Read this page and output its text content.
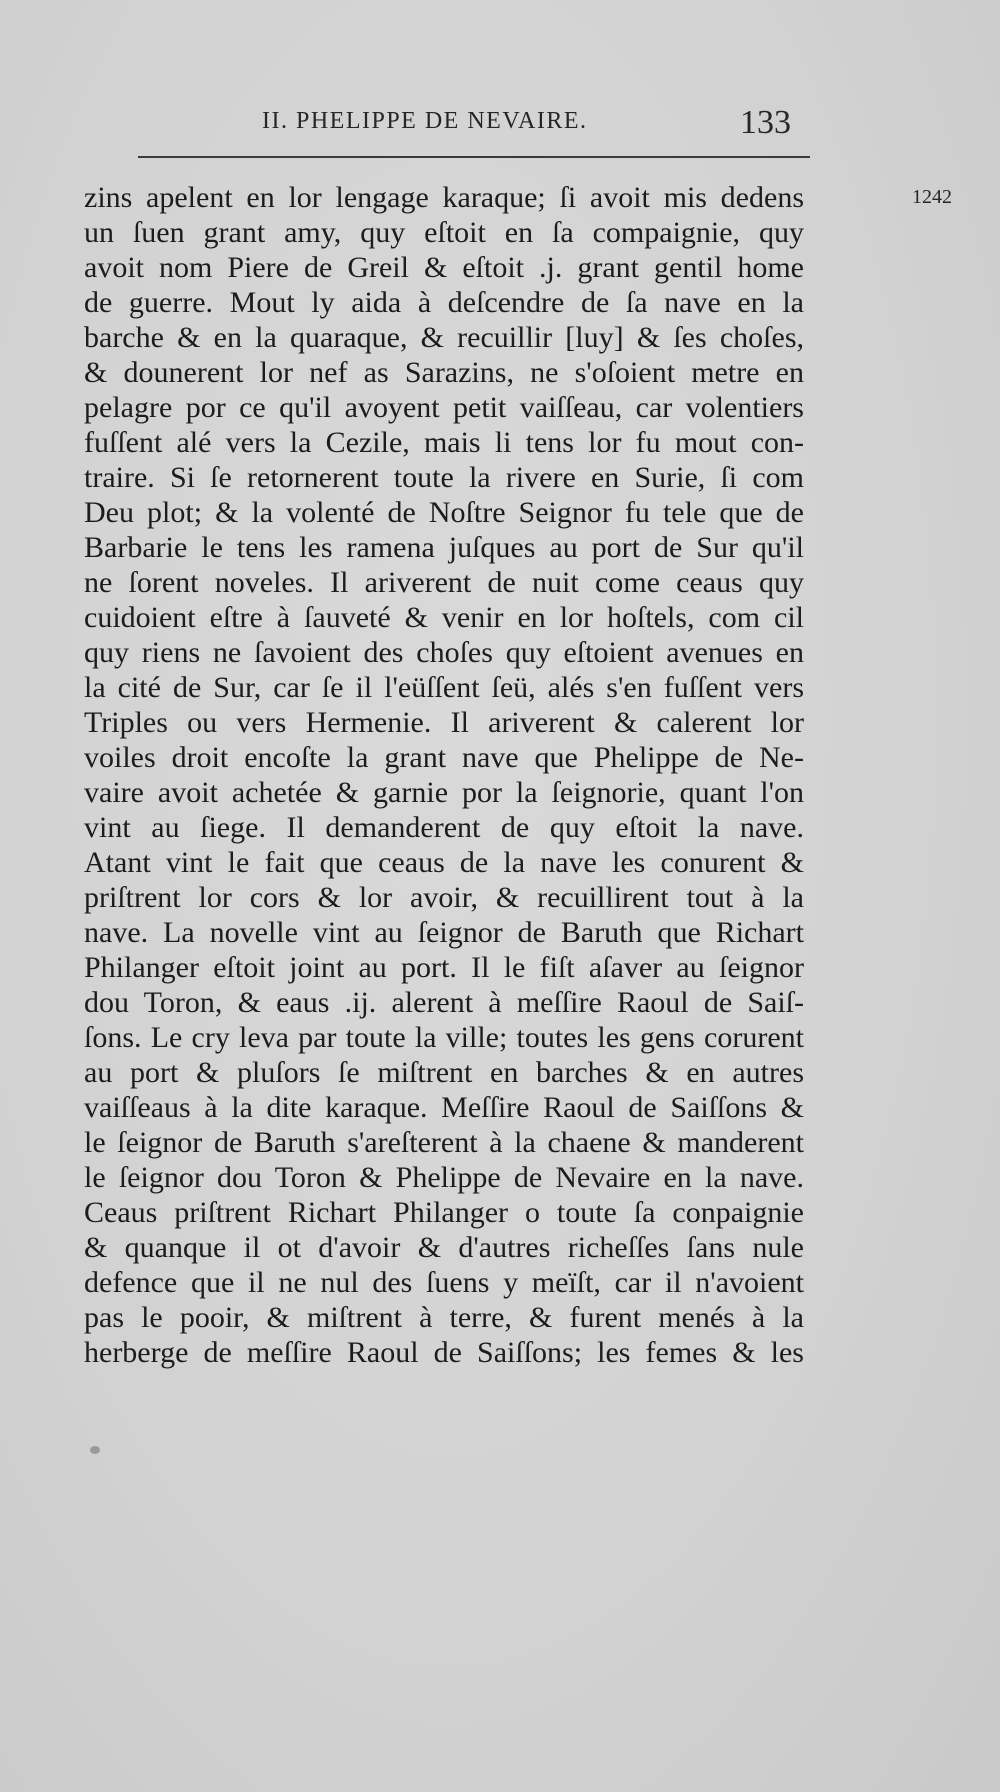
II. PHELIPPE DE NEVAIRE.	133
1242
zins apelent en lor lengage karaque; ſi avoit mis dedens
un ſuen grant amy, quy eſtoit en ſa compaignie, quy
avoit nom Piere de Greil & eſtoit .j. grant gentil home
de guerre. Mout ly aida à deſcendre de ſa nave en la
barche & en la quaraque, & recuillir [luy] & ſes choſes,
& dounerent lor nef as Sarazins, ne s'oſoient metre en
pelagre por ce qu'il avoyent petit vaiſſeau, car volentiers
fuſſent alé vers la Cezile, mais li tens lor fu mout con-
traire. Si ſe retornerent toute la rivere en Surie, ſi com
Deu plot; & la volenté de Noſtre Seignor fu tele que de
Barbarie le tens les ramena juſques au port de Sur qu'il
ne ſorent noveles. Il ariverent de nuit come ceaus quy
cuidoient eſtre à ſauveté & venir en lor hoſtels, com cil
quy riens ne ſavoient des choſes quy eſtoient avenues en
la cité de Sur, car ſe il l'eüſſent ſeü, alés s'en fuſſent vers
Triples ou vers Hermenie. Il ariverent & calerent lor
voiles droit encoſte la grant nave que Phelippe de Ne-
vaire avoit achetée & garnie por la ſeignorie, quant l'on
vint au ſiege. Il demanderent de quy eſtoit la nave.
Atant vint le fait que ceaus de la nave les conurent &
priſtrent lor cors & lor avoir, & recuillirent tout à la
nave. La novelle vint au ſeignor de Baruth que Richart
Philanger eſtoit joint au port. Il le fiſt aſaver au ſeignor
dou Toron, & eaus .ij. alerent à meſſire Raoul de Saiſ-
ſons. Le cry leva par toute la ville; toutes les gens corurent
au port & pluſors ſe miſtrent en barches & en autres
vaiſſeaus à la dite karaque. Meſſire Raoul de Saiſſons &
le ſeignor de Baruth s'areſterent à la chaene & manderent
le ſeignor dou Toron & Phelippe de Nevaire en la nave.
Ceaus priſtrent Richart Philanger o toute ſa conpaignie
& quanque il ot d'avoir & d'autres richeſſes ſans nule
defence que il ne nul des ſuens y meïſt, car il n'avoient
pas le pooir, & miſtrent à terre, & furent menés à la
herberge de meſſire Raoul de Saiſſons; les femes & les
